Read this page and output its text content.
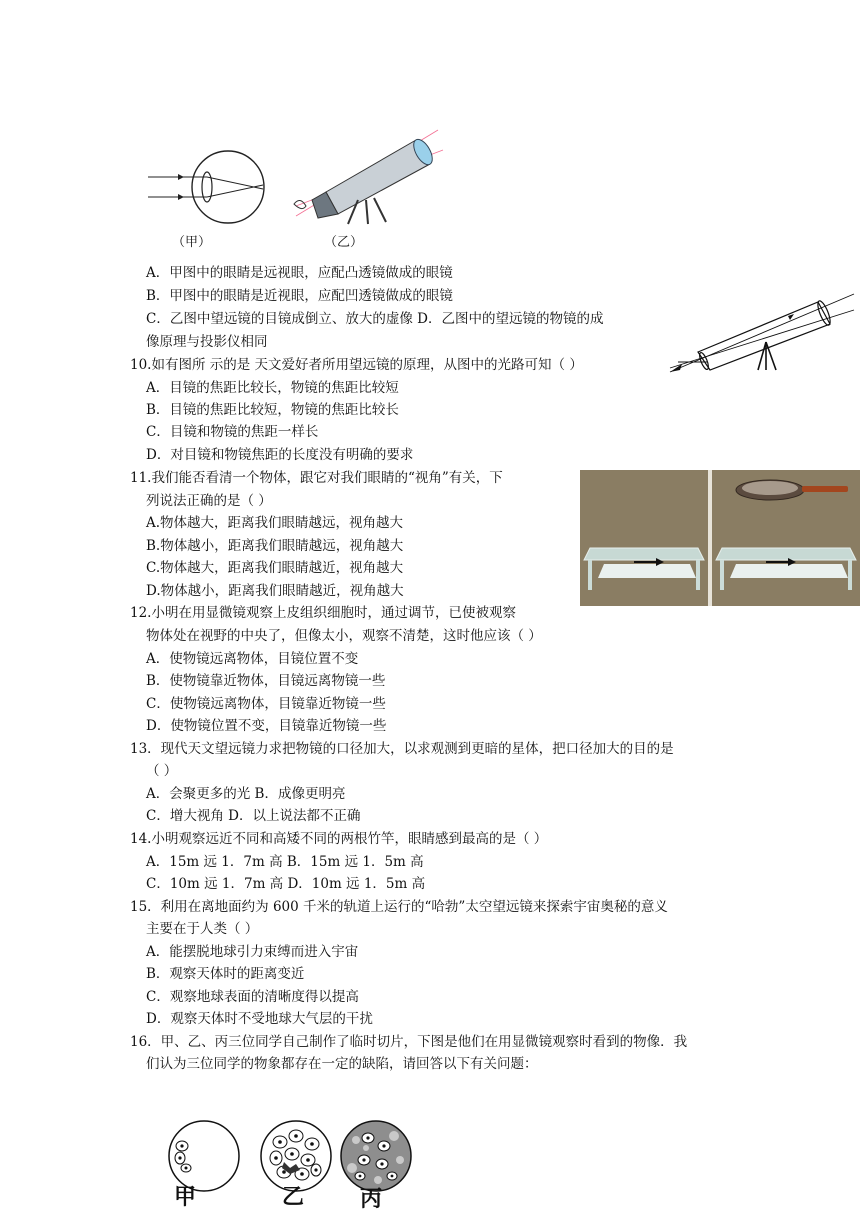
（甲）	（乙）
A．甲图中的眼睛是远视眼，应配凸透镜做成的眼镜
B．甲图中的眼睛是近视眼，应配凹透镜做成的眼镜
C．乙图中望远镜的目镜成倒立、放大的虚像 D．乙图中的望远镜的物镜的成
像原理与投影仪相同
10.如有图所 示的是 天文爱好者所用望远镜的原理，从图中的光路可知（ ）
A．目镜的焦距比较长，物镜的焦距比较短
B．目镜的焦距比较短，物镜的焦距比较长
C．目镜和物镜的焦距一样长
D．对目镜和物镜焦距的长度没有明确的要求
11.我们能否看清一个物体，跟它对我们眼睛的“视角”有关，下
列说法正确的是（ ）
A.物体越大，距离我们眼睛越远，视角越大
B.物体越小，距离我们眼睛越远，视角越大
C.物体越大，距离我们眼睛越近，视角越大
D.物体越小，距离我们眼睛越近，视角越大
12.小明在用显微镜观察上皮组织细胞时，通过调节，已使被观察
物体处在视野的中央了，但像太小，观察不清楚，这时他应该（ ）
A．使物镜远离物体，目镜位置不变
B．使物镜靠近物体，目镜远离物镜一些
C．使物镜远离物体，目镜靠近物镜一些
D．使物镜位置不变，目镜靠近物镜一些
13．现代天文望远镜力求把物镜的口径加大，以求观测到更暗的星体，把口径加大的目的是
（ ）
A．会聚更多的光 B．成像更明亮
C．增大视角 D．以上说法都不正确
14.小明观察远近不同和高矮不同的两根竹竿，眼睛感到最高的是（ ）
A．15m 远 1．7m 高 B．15m 远 1．5m 高
C．10m 远 1．7m 高 D．10m 远 1．5m 高
15．利用在离地面约为 600 千米的轨道上运行的“哈勃”太空望远镜来探索宇宙奥秘的意义
主要在于人类（ ）
A．能摆脱地球引力束缚而进入宇宙
B．观察天体时的距离变近
C．观察地球表面的清晰度得以提高
D．观察天体时不受地球大气层的干扰
16．甲、乙、丙三位同学自己制作了临时切片，下图是他们在用显微镜观察时看到的物像．我
们认为三位同学的物象都存在一定的缺陷，请回答以下有关问题：
甲	乙	丙
